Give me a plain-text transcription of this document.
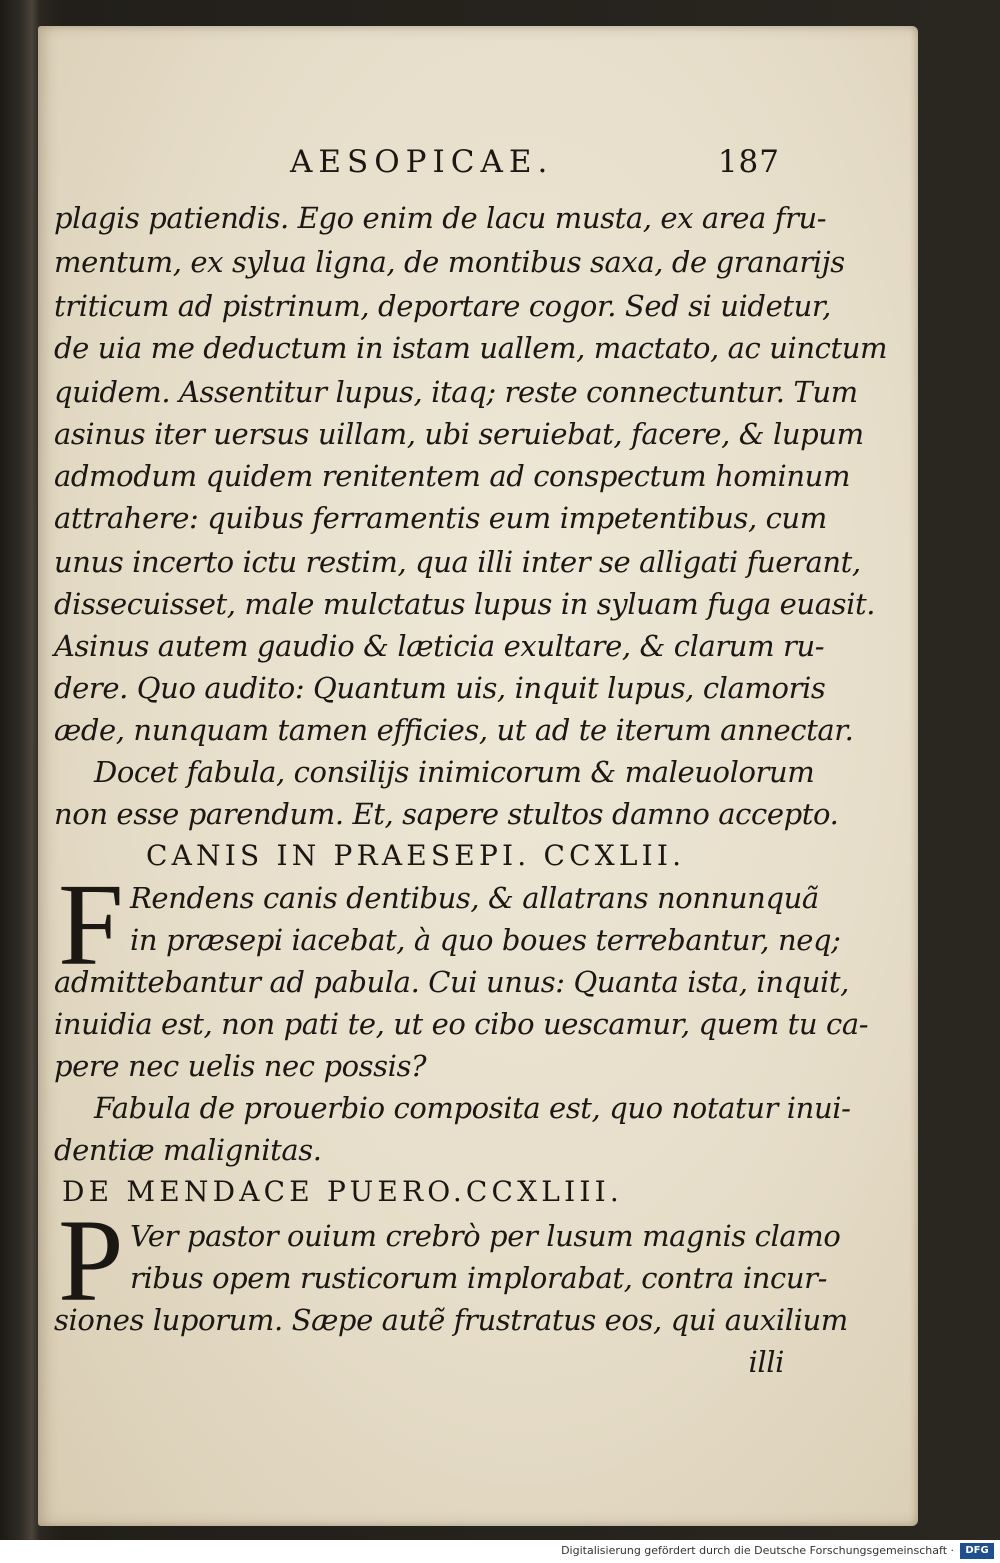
AESOPICAE.	187
plagis patiendis. Ego enim de lacu musta, ex area fru-
mentum, ex sylua ligna, de montibus saxa, de granarijs
triticum ad pistrinum, deportare cogor. Sed si uidetur,
de uia me deductum in istam uallem, mactato, ac uinctum
quidem. Assentitur lupus, itaq; reste connectuntur. Tum
asinus iter uersus uillam, ubi seruiebat, facere, & lupum
admodum quidem renitentem ad conspectum hominum
attrahere: quibus ferramentis eum impetentibus, cum
unus incerto ictu restim, qua illi inter se alligati fuerant,
dissecuisset, male mulctatus lupus in syluam fuga euasit.
Asinus autem gaudio & læticia exultare, & clarum ru-
dere. Quo audito: Quantum uis, inquit lupus, clamoris
æde, nunquam tamen efficies, ut ad te iterum annectar.
Docet fabula, consilijs inimicorum & maleuolorum
non esse parendum. Et, sapere stultos damno accepto.
CANIS IN PRAESEPI. CCXLII.
F Rendens canis dentibus, & allatrans nonnunquã
in præsepi iacebat, à quo boues terrebantur, neq;
admittebantur ad pabula. Cui unus: Quanta ista, inquit,
inuidia est, non pati te, ut eo cibo uescamur, quem tu ca-
pere nec uelis nec possis?
Fabula de prouerbio composita est, quo notatur inui-
dentiæ malignitas.
DE MENDACE PUERO.CCXLIII.
P Ver pastor ouium crebrò per lusum magnis clamo
ribus opem rusticorum implorabat, contra incur-
siones luporum. Sæpe autẽ frustratus eos, qui auxilium
illi
Digitalisierung gefördert durch die Deutsche Forschungsgemeinschaft ·	DFG
